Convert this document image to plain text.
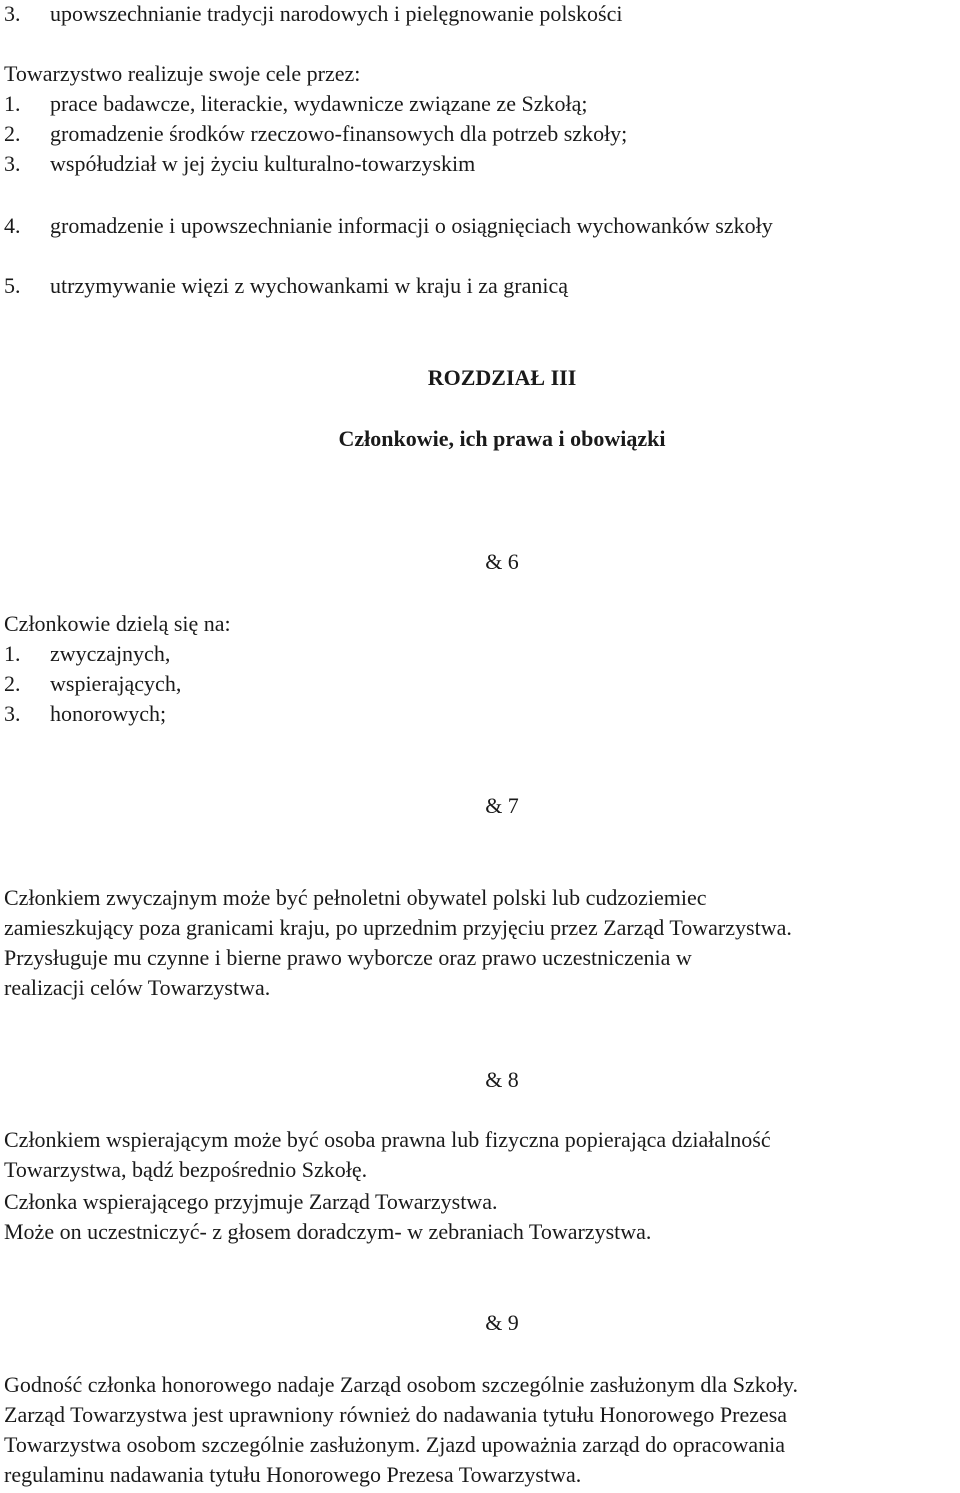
3. upowszechnianie tradycji narodowych i pielęgnowanie polskości
Towarzystwo realizuje swoje cele przez:
1. prace badawcze, literackie, wydawnicze związane ze Szkołą;
2. gromadzenie środków rzeczowo-finansowych dla potrzeb szkoły;
3. współudział w jej życiu kulturalno-towarzyskim
4. gromadzenie i upowszechnianie informacji o osiągnięciach wychowanków szkoły
5. utrzymywanie więzi z wychowankami w kraju i za granicą
ROZDZIAŁ III
Członkowie, ich prawa i obowiązki
& 6
Członkowie dzielą się na:
1. zwyczajnych,
2. wspierających,
3. honorowych;
& 7
Członkiem zwyczajnym może być pełnoletni obywatel polski lub cudzoziemiec
zamieszkujący poza granicami kraju, po uprzednim przyjęciu przez Zarząd Towarzystwa.
Przysługuje mu czynne i bierne prawo wyborcze oraz prawo uczestniczenia w
realizacji celów Towarzystwa.
& 8
Członkiem wspierającym może być osoba prawna lub fizyczna popierająca działalność
Towarzystwa, bądź bezpośrednio Szkołę.
Członka wspierającego przyjmuje Zarząd Towarzystwa.
Może on uczestniczyć- z głosem doradczym- w zebraniach Towarzystwa.
& 9
Godność członka honorowego nadaje Zarząd osobom szczególnie zasłużonym dla Szkoły.
Zarząd Towarzystwa jest uprawniony również do nadawania tytułu Honorowego Prezesa
Towarzystwa osobom szczególnie zasłużonym. Zjazd upoważnia zarząd do opracowania
regulaminu nadawania tytułu Honorowego Prezesa Towarzystwa.
